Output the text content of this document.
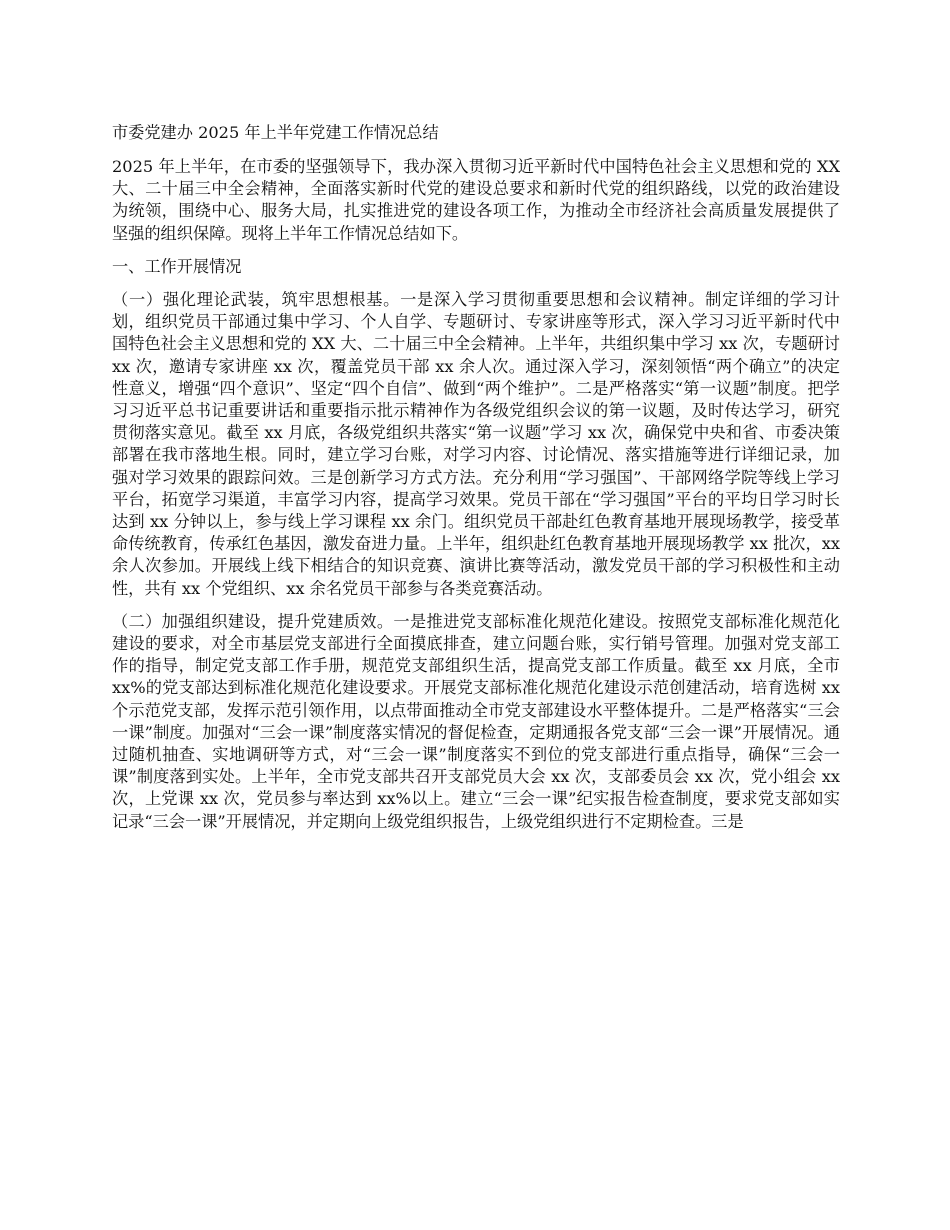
市委党建办 2025 年上半年党建工作情况总结

2025 年上半年，在市委的坚强领导下，我办深入贯彻习近平新时代中国特色社会主义思想和党的 XX 大、二十届三中全会精神，全面落实新时代党的建设总要求和新时代党的组织路线，以党的政治建设为统领，围绕中心、服务大局，扎实推进党的建设各项工作，为推动全市经济社会高质量发展提供了坚强的组织保障。现将上半年工作情况总结如下。

一、工作开展情况

（一）强化理论武装，筑牢思想根基。一是深入学习贯彻重要思想和会议精神。制定详细的学习计划，组织党员干部通过集中学习、个人自学、专题研讨、专家讲座等形式，深入学习习近平新时代中国特色社会主义思想和党的 XX 大、二十届三中全会精神。上半年，共组织集中学习 xx 次，专题研讨 xx 次，邀请专家讲座 xx 次，覆盖党员干部 xx 余人次。通过深入学习，深刻领悟“两个确立”的决定性意义，增强“四个意识”、坚定“四个自信”、做到“两个维护”。二是严格落实“第一议题”制度。把学习习近平总书记重要讲话和重要指示批示精神作为各级党组织会议的第一议题，及时传达学习，研究贯彻落实意见。截至 xx 月底，各级党组织共落实“第一议题”学习 xx 次，确保党中央和省、市委决策部署在我市落地生根。同时，建立学习台账，对学习内容、讨论情况、落实措施等进行详细记录，加强对学习效果的跟踪问效。三是创新学习方式方法。充分利用“学习强国”、干部网络学院等线上学习平台，拓宽学习渠道，丰富学习内容，提高学习效果。党员干部在“学习强国”平台的平均日学习时长达到 xx 分钟以上，参与线上学习课程 xx 余门。组织党员干部赴红色教育基地开展现场教学，接受革命传统教育，传承红色基因，激发奋进力量。上半年，组织赴红色教育基地开展现场教学 xx 批次，xx 余人次参加。开展线上线下相结合的知识竞赛、演讲比赛等活动，激发党员干部的学习积极性和主动性，共有 xx 个党组织、xx 余名党员干部参与各类竞赛活动。

（二）加强组织建设，提升党建质效。一是推进党支部标准化规范化建设。按照党支部标准化规范化建设的要求，对全市基层党支部进行全面摸底排查，建立问题台账，实行销号管理。加强对党支部工作的指导，制定党支部工作手册，规范党支部组织生活，提高党支部工作质量。截至 xx 月底，全市 xx%的党支部达到标准化规范化建设要求。开展党支部标准化规范化建设示范创建活动，培育选树 xx 个示范党支部，发挥示范引领作用，以点带面推动全市党支部建设水平整体提升。二是严格落实“三会一课”制度。加强对“三会一课”制度落实情况的督促检查，定期通报各党支部“三会一课”开展情况。通过随机抽查、实地调研等方式，对“三会一课”制度落实不到位的党支部进行重点指导，确保“三会一课”制度落到实处。上半年，全市党支部共召开支部党员大会 xx 次，支部委员会 xx 次，党小组会 xx 次，上党课 xx 次，党员参与率达到 xx%以上。建立“三会一课”纪实报告检查制度，要求党支部如实记录“三会一课”开展情况，并定期向上级党组织报告，上级党组织进行不定期检查。三是
